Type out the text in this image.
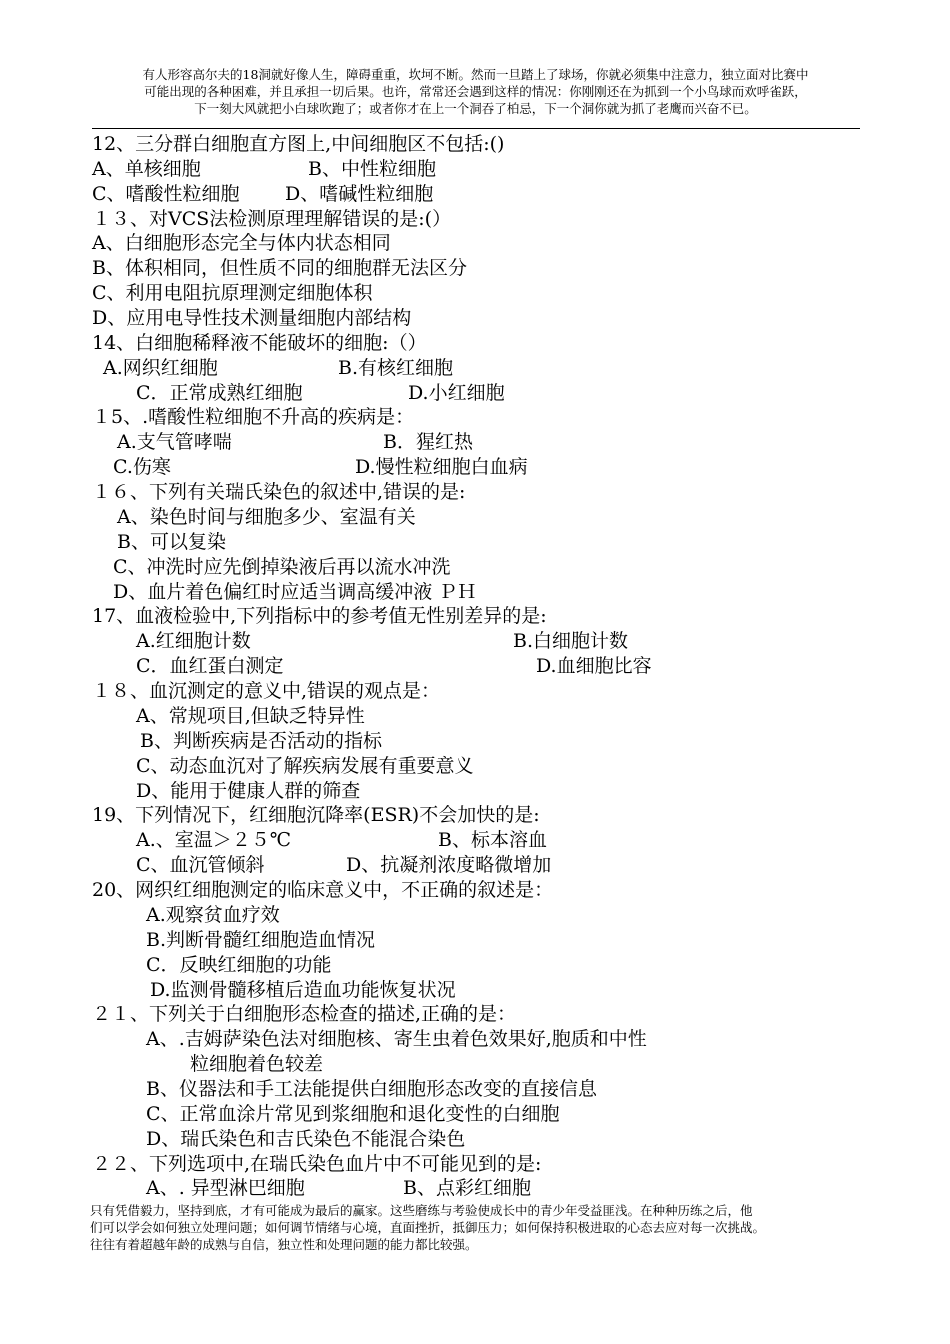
有人形容高尔夫的18洞就好像人生，障碍重重，坎坷不断。然而一旦踏上了球场，你就必须集中注意力，独立面对比赛中
可能出现的各种困难，并且承担一切后果。也许，常常还会遇到这样的情况：你刚刚还在为抓到一个小鸟球而欢呼雀跃，
下一刻大风就把小白球吹跑了；或者你才在上一个洞吞了柏忌，下一个洞你就为抓了老鹰而兴奋不已。
12、三分群白细胞直方图上,中间细胞区不包括:()
A、单核细胞	B、中性粒细胞
C、嗜酸性粒细胞 D、嗜碱性粒细胞
１３、对VCS法检测原理理解错误的是:(）
A、白细胞形态完全与体内状态相同
B、体积相同，但性质不同的细胞群无法区分
C、利用电阻抗原理测定细胞体积
D、应用电导性技术测量细胞内部结构
14、白细胞稀释液不能破坏的细胞:（）
A.网织红细胞	B.有核红细胞
C．正常成熟红细胞	D.小红细胞
１5、.嗜酸性粒细胞不升高的疾病是：
A.支气管哮喘	B．猩红热
C.伤寒	D.慢性粒细胞白血病
１６、下列有关瑞氏染色的叙述中,错误的是:
A、染色时间与细胞多少、室温有关
B、可以复染
C、冲洗时应先倒掉染液后再以流水冲洗
D、血片着色偏红时应适当调高缓冲液 ＰＨ
17、血液检验中,下列指标中的参考值无性别差异的是:
A.红细胞计数	B.白细胞计数
C．血红蛋白测定	D.血细胞比容
１８、血沉测定的意义中,错误的观点是：
A、常规项目,但缺乏特异性
B、判断疾病是否活动的指标
C、动态血沉对了解疾病发展有重要意义
D、能用于健康人群的筛查
19、下列情况下，红细胞沉降率(ESR)不会加快的是:
A.、室温＞２５℃	B、标本溶血
C、血沉管倾斜	D、抗凝剂浓度略微增加
20、网织红细胞测定的临床意义中，不正确的叙述是：
A.观察贫血疗效
B.判断骨髓红细胞造血情况
C．反映红细胞的功能
D.监测骨髓移植后造血功能恢复状况
２１、下列关于白细胞形态检查的描述,正确的是：
A、.吉姆萨染色法对细胞核、寄生虫着色效果好,胞质和中性
粒细胞着色较差
B、仪器法和手工法能提供白细胞形态改变的直接信息
C、正常血涂片常见到浆细胞和退化变性的白细胞
D、瑞氏染色和吉氏染色不能混合染色
２２、下列选项中,在瑞氏染色血片中不可能见到的是:
A、. 异型淋巴细胞	B、点彩红细胞
只有凭借毅力，坚持到底，才有可能成为最后的赢家。这些磨练与考验使成长中的青少年受益匪浅。在种种历练之后，他
们可以学会如何独立处理问题；如何调节情绪与心境，直面挫折，抵御压力；如何保持积极进取的心态去应对每一次挑战。
往往有着超越年龄的成熟与自信，独立性和处理问题的能力都比较强。
